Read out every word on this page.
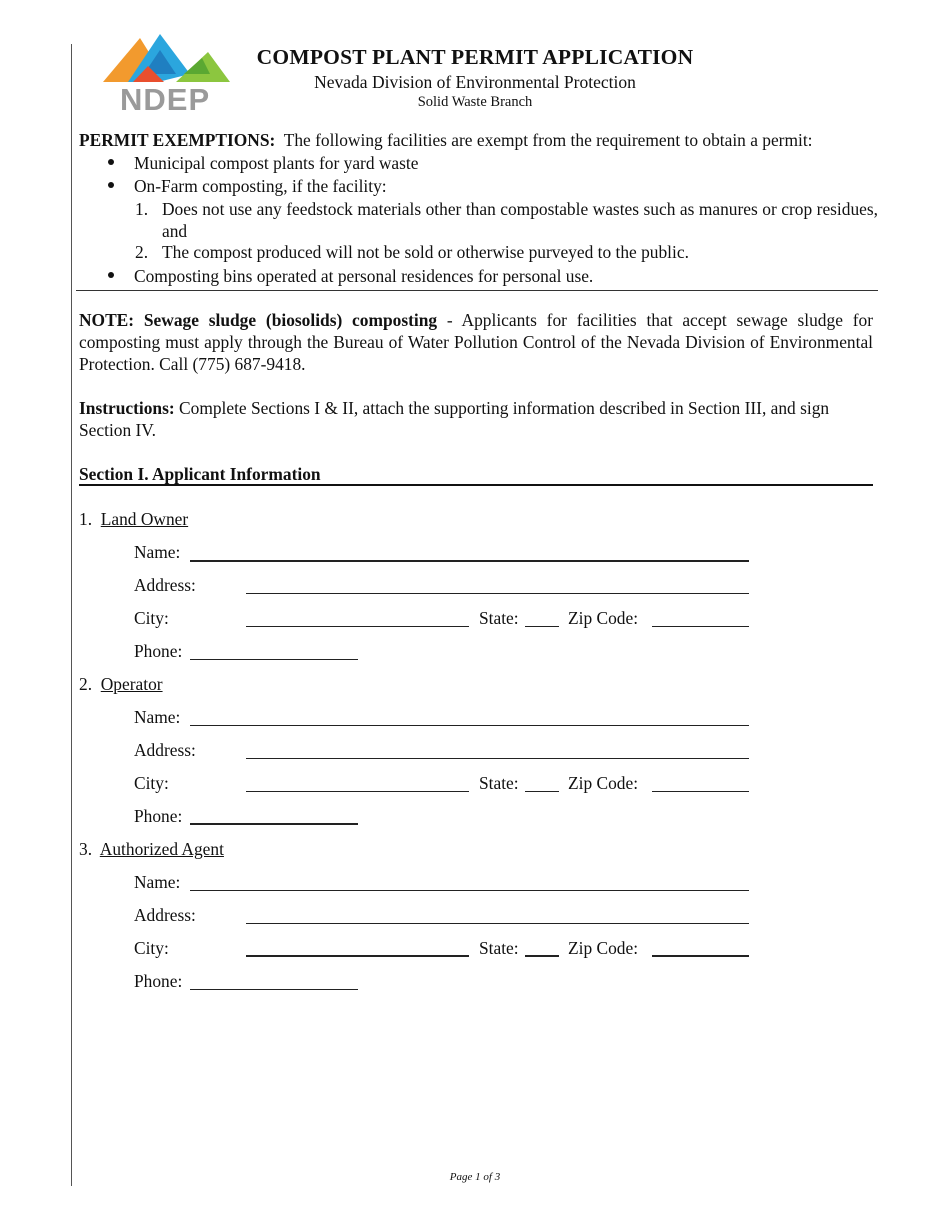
NDEP
COMPOST PLANT PERMIT APPLICATION
Nevada Division of Environmental Protection
Solid Waste Branch
PERMIT EXEMPTIONS: The following facilities are exempt from the requirement to obtain a permit:
Municipal compost plants for yard waste
On-Farm composting, if the facility:
1. Does not use any feedstock materials other than compostable wastes such as manures or crop residues, and
2. The compost produced will not be sold or otherwise purveyed to the public.
Composting bins operated at personal residences for personal use.
NOTE: Sewage sludge (biosolids) composting - Applicants for facilities that accept sewage sludge for composting must apply through the Bureau of Water Pollution Control of the Nevada Division of Environmental Protection. Call (775) 687-9418.
Instructions: Complete Sections I & II, attach the supporting information described in Section III, and sign Section IV.
Section I. Applicant Information
1. Land Owner
Name:
Address:
City:	State:	Zip Code:
Phone:
2. Operator
Name:
Address:
City:	State:	Zip Code:
Phone:
3. Authorized Agent
Name:
Address:
City:	State:	Zip Code:
Phone:
Page 1 of 3
